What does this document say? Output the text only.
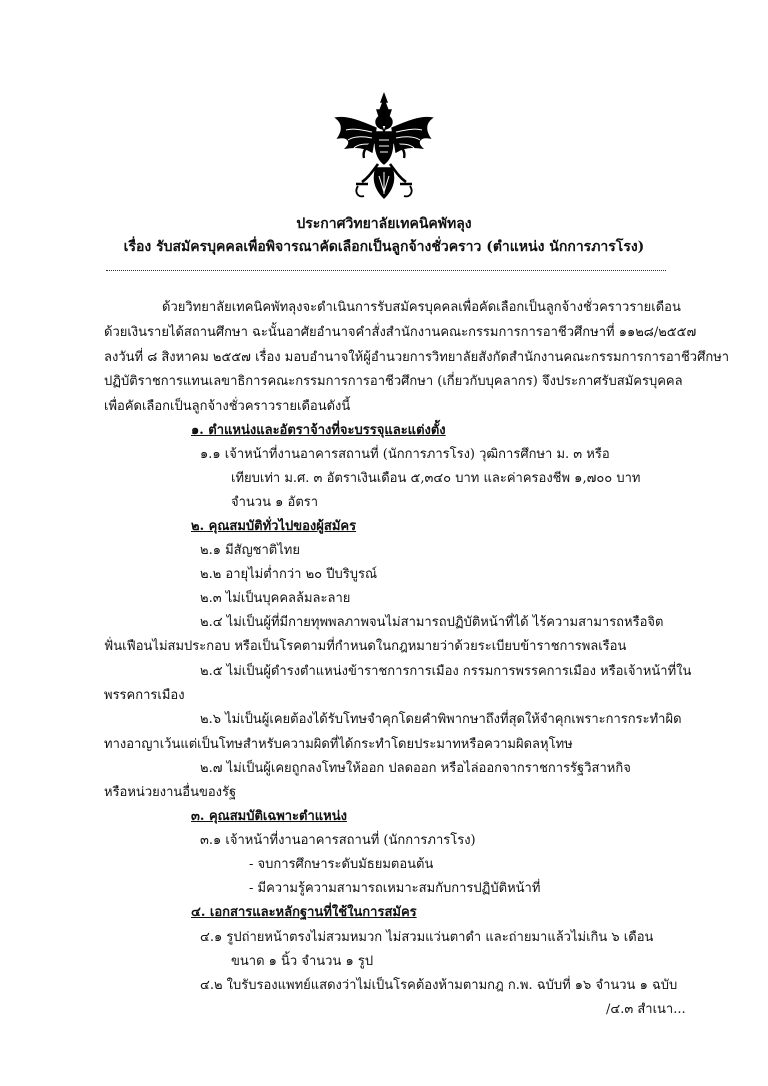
ประกาศวิทยาลัยเทคนิคพัทลุง
เรื่อง รับสมัครบุคคลเพื่อพิจารณาคัดเลือกเป็นลูกจ้างชั่วคราว (ตำแหน่ง นักการภารโรง)
ด้วยวิทยาลัยเทคนิคพัทลุงจะดำเนินการรับสมัครบุคคลเพื่อคัดเลือกเป็นลูกจ้างชั่วคราวรายเดือน
ด้วยเงินรายได้สถานศึกษา ฉะนั้นอาศัยอำนาจคำสั่งสำนักงานคณะกรรมการการอาชีวศึกษาที่ ๑๑๒๘/๒๕๕๗
ลงวันที่ ๘ สิงหาคม ๒๕๕๗ เรื่อง มอบอำนาจให้ผู้อำนวยการวิทยาลัยสังกัดสำนักงานคณะกรรมการการอาชีวศึกษา
ปฏิบัติราชการแทนเลขาธิการคณะกรรมการการอาชีวศึกษา (เกี่ยวกับบุคลากร) จึงประกาศรับสมัครบุคคล
เพื่อคัดเลือกเป็นลูกจ้างชั่วคราวรายเดือนดังนี้
๑. ตำแหน่งและอัตราจ้างที่จะบรรจุและแต่งตั้ง
๑.๑ เจ้าหน้าที่งานอาคารสถานที่ (นักการภารโรง) วุฒิการศึกษา ม. ๓ หรือ
เทียบเท่า ม.ศ. ๓ อัตราเงินเดือน ๕,๓๔๐ บาท และค่าครองชีพ ๑,๗๐๐ บาท
จำนวน ๑ อัตรา
๒. คุณสมบัติทั่วไปของผู้สมัคร
๒.๑ มีสัญชาติไทย
๒.๒ อายุไม่ต่ำกว่า ๒๐ ปีบริบูรณ์
๒.๓ ไม่เป็นบุคคลล้มละลาย
๒.๔ ไม่เป็นผู้ที่มีกายทุพพลภาพจนไม่สามารถปฏิบัติหน้าที่ได้ ไร้ความสามารถหรือจิต
ฟั่นเฟือนไม่สมประกอบ หรือเป็นโรคตามที่กำหนดในกฎหมายว่าด้วยระเบียบข้าราชการพลเรือน
๒.๕ ไม่เป็นผู้ดำรงตำแหน่งข้าราชการการเมือง กรรมการพรรคการเมือง หรือเจ้าหน้าที่ใน
พรรคการเมือง
๒.๖ ไม่เป็นผู้เคยต้องได้รับโทษจำคุกโดยคำพิพากษาถึงที่สุดให้จำคุกเพราะการกระทำผิด
ทางอาญาเว้นแต่เป็นโทษสำหรับความผิดที่ได้กระทำโดยประมาทหรือความผิดลหุโทษ
๒.๗ ไม่เป็นผู้เคยถูกลงโทษให้ออก ปลดออก หรือไล่ออกจากราชการรัฐวิสาหกิจ
หรือหน่วยงานอื่นของรัฐ
๓. คุณสมบัติเฉพาะตำแหน่ง
๓.๑ เจ้าหน้าที่งานอาคารสถานที่ (นักการภารโรง)
- จบการศึกษาระดับมัธยมตอนต้น
- มีความรู้ความสามารถเหมาะสมกับการปฏิบัติหน้าที่
๔. เอกสารและหลักฐานที่ใช้ในการสมัคร
๔.๑ รูปถ่ายหน้าตรงไม่สวมหมวก ไม่สวมแว่นตาดำ และถ่ายมาแล้วไม่เกิน ๖ เดือน
ขนาด ๑ นิ้ว จำนวน ๑ รูป
๔.๒ ใบรับรองแพทย์แสดงว่าไม่เป็นโรคต้องห้ามตามกฎ ก.พ. ฉบับที่ ๑๖ จำนวน ๑ ฉบับ
/๔.๓ สำเนา...
